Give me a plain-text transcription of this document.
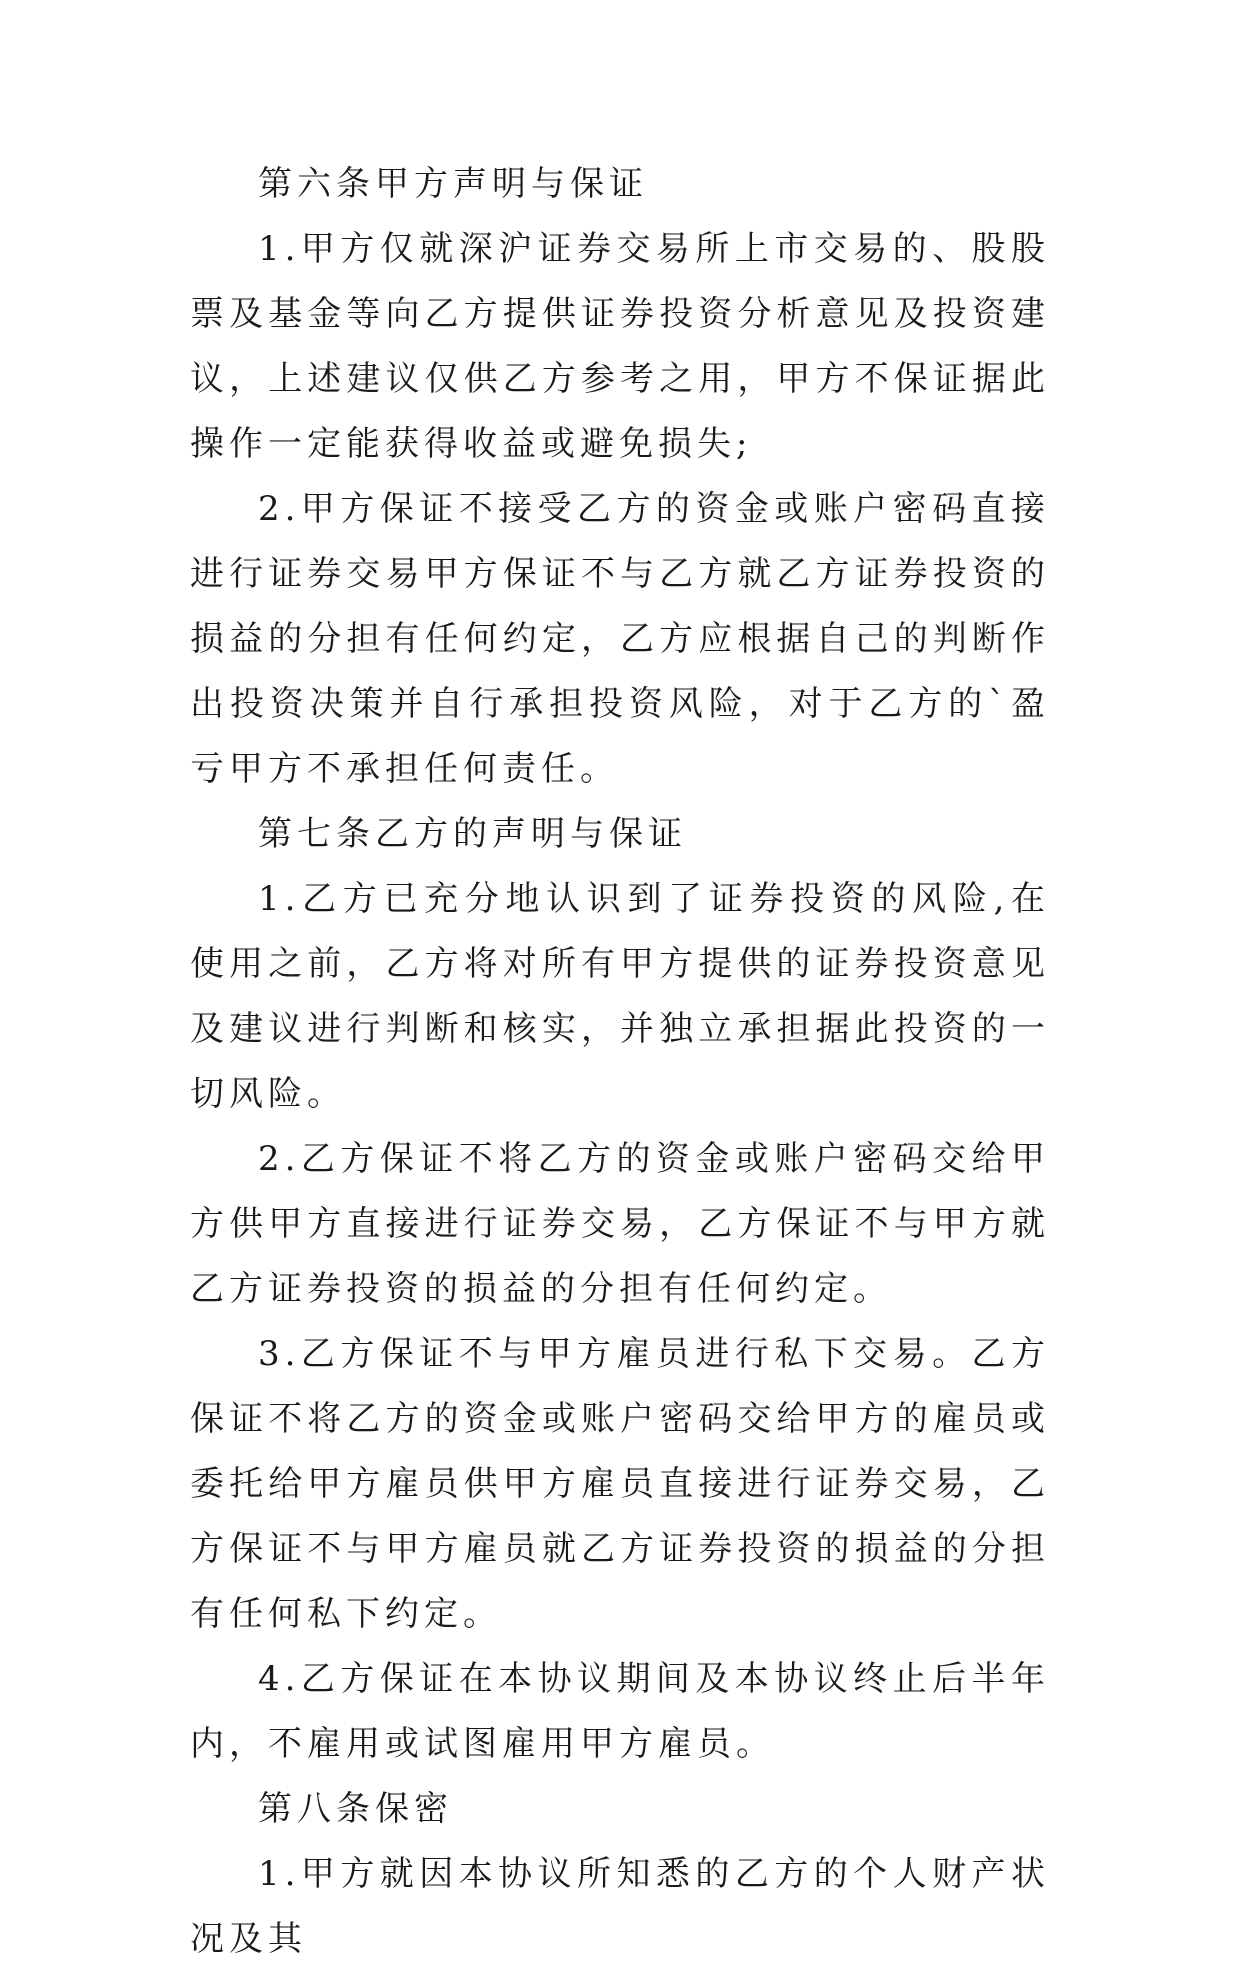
第六条甲方声明与保证

1.甲方仅就深沪证券交易所上市交易的、股股票及基金等向乙方提供证券投资分析意见及投资建议，上述建议仅供乙方参考之用，甲方不保证据此操作一定能获得收益或避免损失;

2.甲方保证不接受乙方的资金或账户密码直接进行证券交易甲方保证不与乙方就乙方证券投资的损益的分担有任何约定，乙方应根据自己的判断作出投资决策并自行承担投资风险，对于乙方的`盈亏甲方不承担任何责任。

第七条乙方的声明与保证

1.乙方已充分地认识到了证券投资的风险,在使用之前，乙方将对所有甲方提供的证券投资意见及建议进行判断和核实，并独立承担据此投资的一切风险。

2.乙方保证不将乙方的资金或账户密码交给甲方供甲方直接进行证券交易，乙方保证不与甲方就乙方证券投资的损益的分担有任何约定。

3.乙方保证不与甲方雇员进行私下交易。乙方保证不将乙方的资金或账户密码交给甲方的雇员或委托给甲方雇员供甲方雇员直接进行证券交易，乙方保证不与甲方雇员就乙方证券投资的损益的分担有任何私下约定。

4.乙方保证在本协议期间及本协议终止后半年内，不雇用或试图雇用甲方雇员。

第八条保密

1.甲方就因本协议所知悉的乙方的个人财产状况及其
